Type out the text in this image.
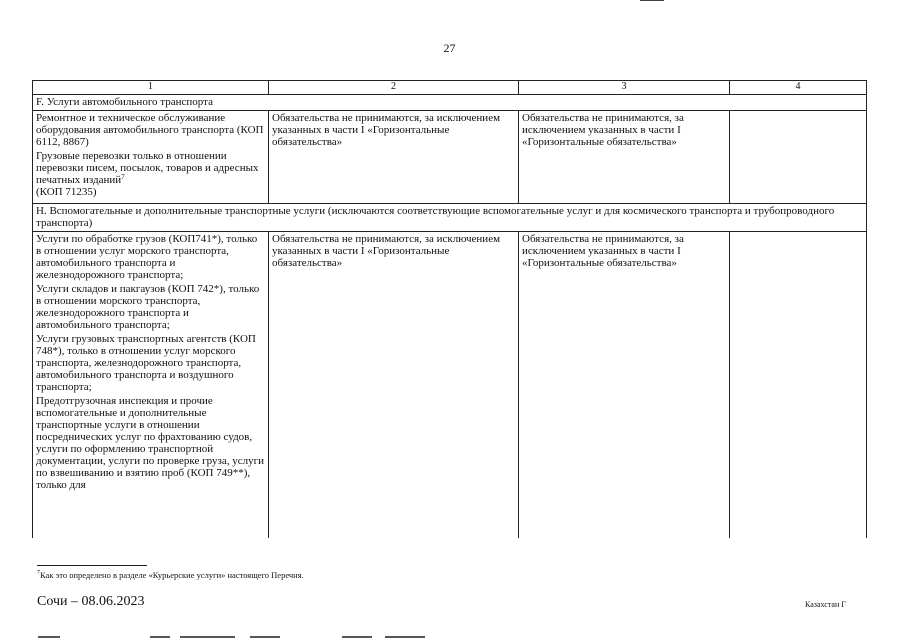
27
1	2	3	4
F. Услуги автомобильного транспорта			

Ремонтное и техническое обслуживание оборудования автомобильного транспорта (КОП 6112, 8867)
Грузовые перевозки только в отношении перевозки писем, посылок, товаров и адресных печатных изданий$^7$
(КОП 71235)	Обязательства не принимаются, за исключением указанных в части I «Горизонтальные обязательства»	Обязательства не принимаются, за исключением указанных в части I «Горизонтальные обязательства»	
H. Вспомогательные и дополнительные транспортные услуги (исключаются соответствующие вспомогательные услуг и для космического транспорта и трубопроводного транспорта)			

Услуги по обработке грузов (КОП741*), только в отношении услуг морского транспорта, автомобильного транспорта и железнодорожного транспорта;
Услуги складов и пакгаузов (КОП 742*), только в отношении морского транспорта, железнодорожного транспорта и автомобильного транспорта;
Услуги грузовых транспортных агентств (КОП 748*), только в отношении услуг морского транспорта, железнодорожного транспорта, автомобильного транспорта и воздушного транспорта;
Предотгрузочная инспекция и прочие вспомогательные и дополнительные транспортные услуги в отношении посреднических услуг по фрахтованию судов, услуги по оформлению транспортной документации, услуги по проверке груза, услуги по взвешиванию и взятию проб (КОП 749**), только для	Обязательства не принимаются, за исключением указанных в части I «Горизонтальные обязательства»	Обязательства не принимаются, за исключением указанных в части I «Горизонтальные обязательства»	
$^7$Как это определено в разделе «Курьерские услуги» настоящего Перечня.
Сочи – 08.06.2023	Казахстан Г
